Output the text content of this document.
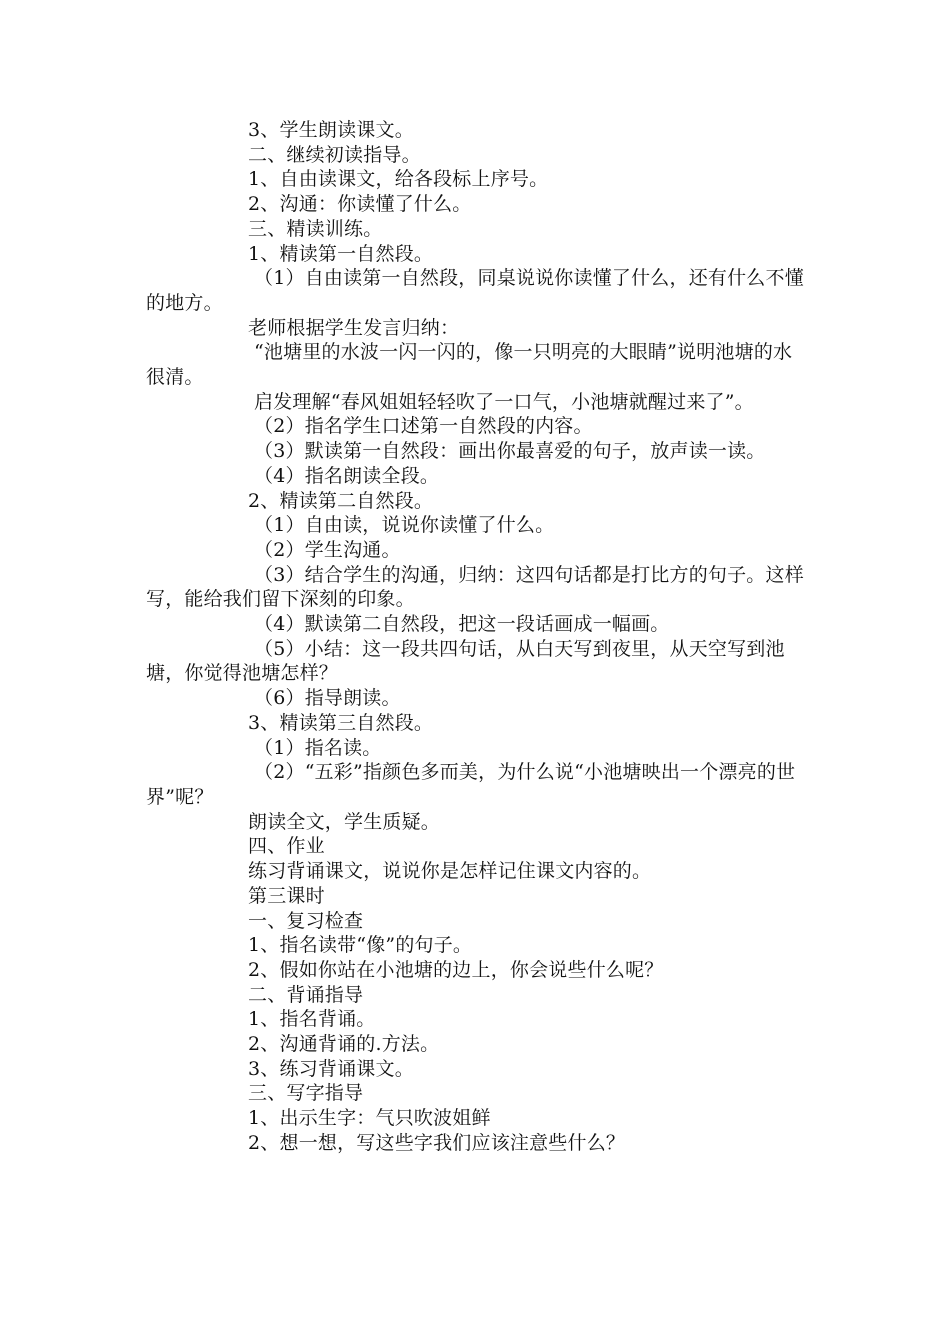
3、学生朗读课文。

二、继续初读指导。

1、自由读课文，给各段标上序号。

2、沟通：你读懂了什么。

三、精读训练。

1、精读第一自然段。

（1）自由读第一自然段，同桌说说你读懂了什么，还有什么不懂的地方。

老师根据学生发言归纳：

“池塘里的水波一闪一闪的，像一只明亮的大眼睛”说明池塘的水很清。

启发理解“春风姐姐轻轻吹了一口气，小池塘就醒过来了”。

（2）指名学生口述第一自然段的内容。

（3）默读第一自然段：画出你最喜爱的句子，放声读一读。

（4）指名朗读全段。

2、精读第二自然段。

（1）自由读，说说你读懂了什么。

（2）学生沟通。

（3）结合学生的沟通，归纳：这四句话都是打比方的句子。这样写，能给我们留下深刻的印象。

（4）默读第二自然段，把这一段话画成一幅画。

（5）小结：这一段共四句话，从白天写到夜里，从天空写到池塘，你觉得池塘怎样？

（6）指导朗读。

3、精读第三自然段。

（1）指名读。

（2）“五彩”指颜色多而美，为什么说“小池塘映出一个漂亮的世界”呢？

朗读全文，学生质疑。

四、作业

练习背诵课文，说说你是怎样记住课文内容的。

第三课时

一、复习检查

1、指名读带“像”的句子。

2、假如你站在小池塘的边上，你会说些什么呢？

二、背诵指导

1、指名背诵。

2、沟通背诵的.方法。

3、练习背诵课文。

三、写字指导

1、出示生字：气只吹波姐鲜

2、想一想，写这些字我们应该注意些什么？
